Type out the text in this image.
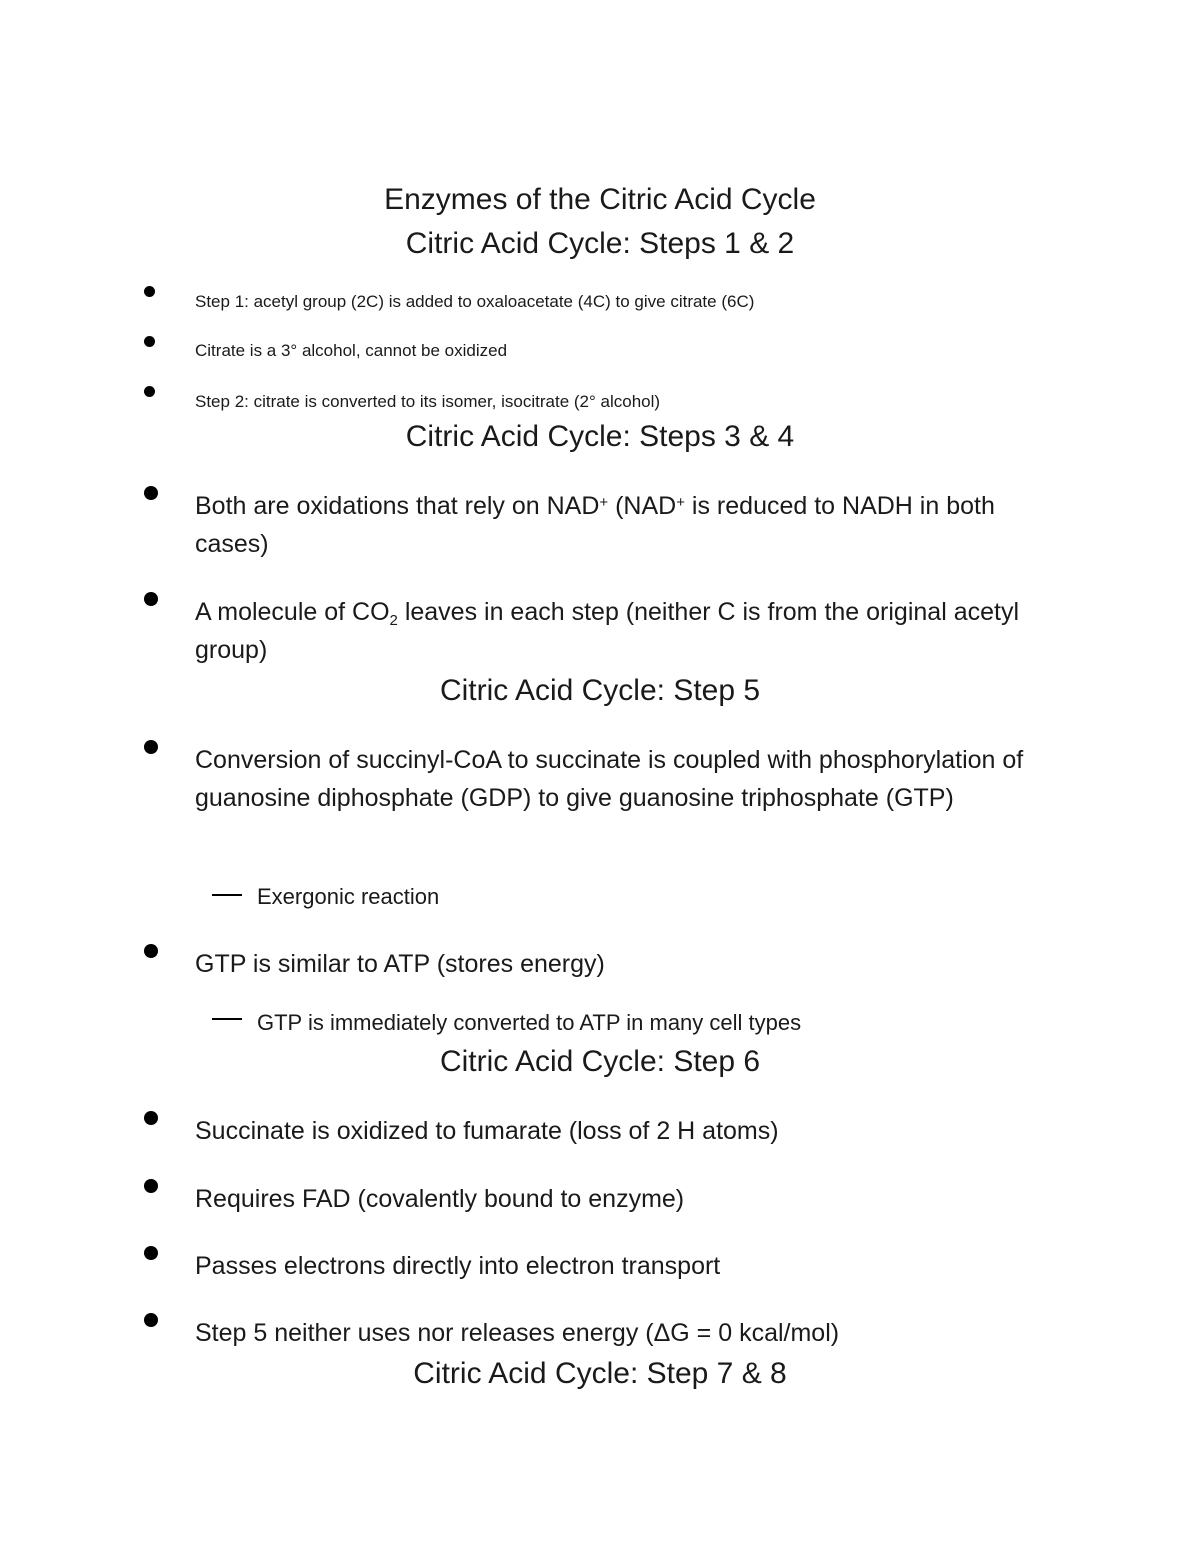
Enzymes of the Citric Acid Cycle
Citric Acid Cycle: Steps 1 & 2
Step 1: acetyl group (2C) is added to oxaloacetate (4C) to give citrate (6C)
Citrate is a 3° alcohol, cannot be oxidized
Step 2: citrate is converted to its isomer, isocitrate (2° alcohol)
Citric Acid Cycle: Steps 3 & 4
Both are oxidations that rely on NAD+ (NAD+ is reduced to NADH in both cases)
A molecule of $CO_2$ leaves in each step (neither C is from the original acetyl group)
Citric Acid Cycle: Step 5
Conversion of succinyl-CoA to succinate is coupled with phosphorylation of guanosine diphosphate (GDP) to give guanosine triphosphate (GTP)
Exergonic reaction
GTP is similar to ATP (stores energy)
GTP is immediately converted to ATP in many cell types
Citric Acid Cycle: Step 6
Succinate is oxidized to fumarate (loss of 2 H atoms)
Requires FAD (covalently bound to enzyme)
Passes electrons directly into electron transport
Step 5 neither uses nor releases energy (ΔG = 0 kcal/mol)
Citric Acid Cycle: Step 7 & 8
